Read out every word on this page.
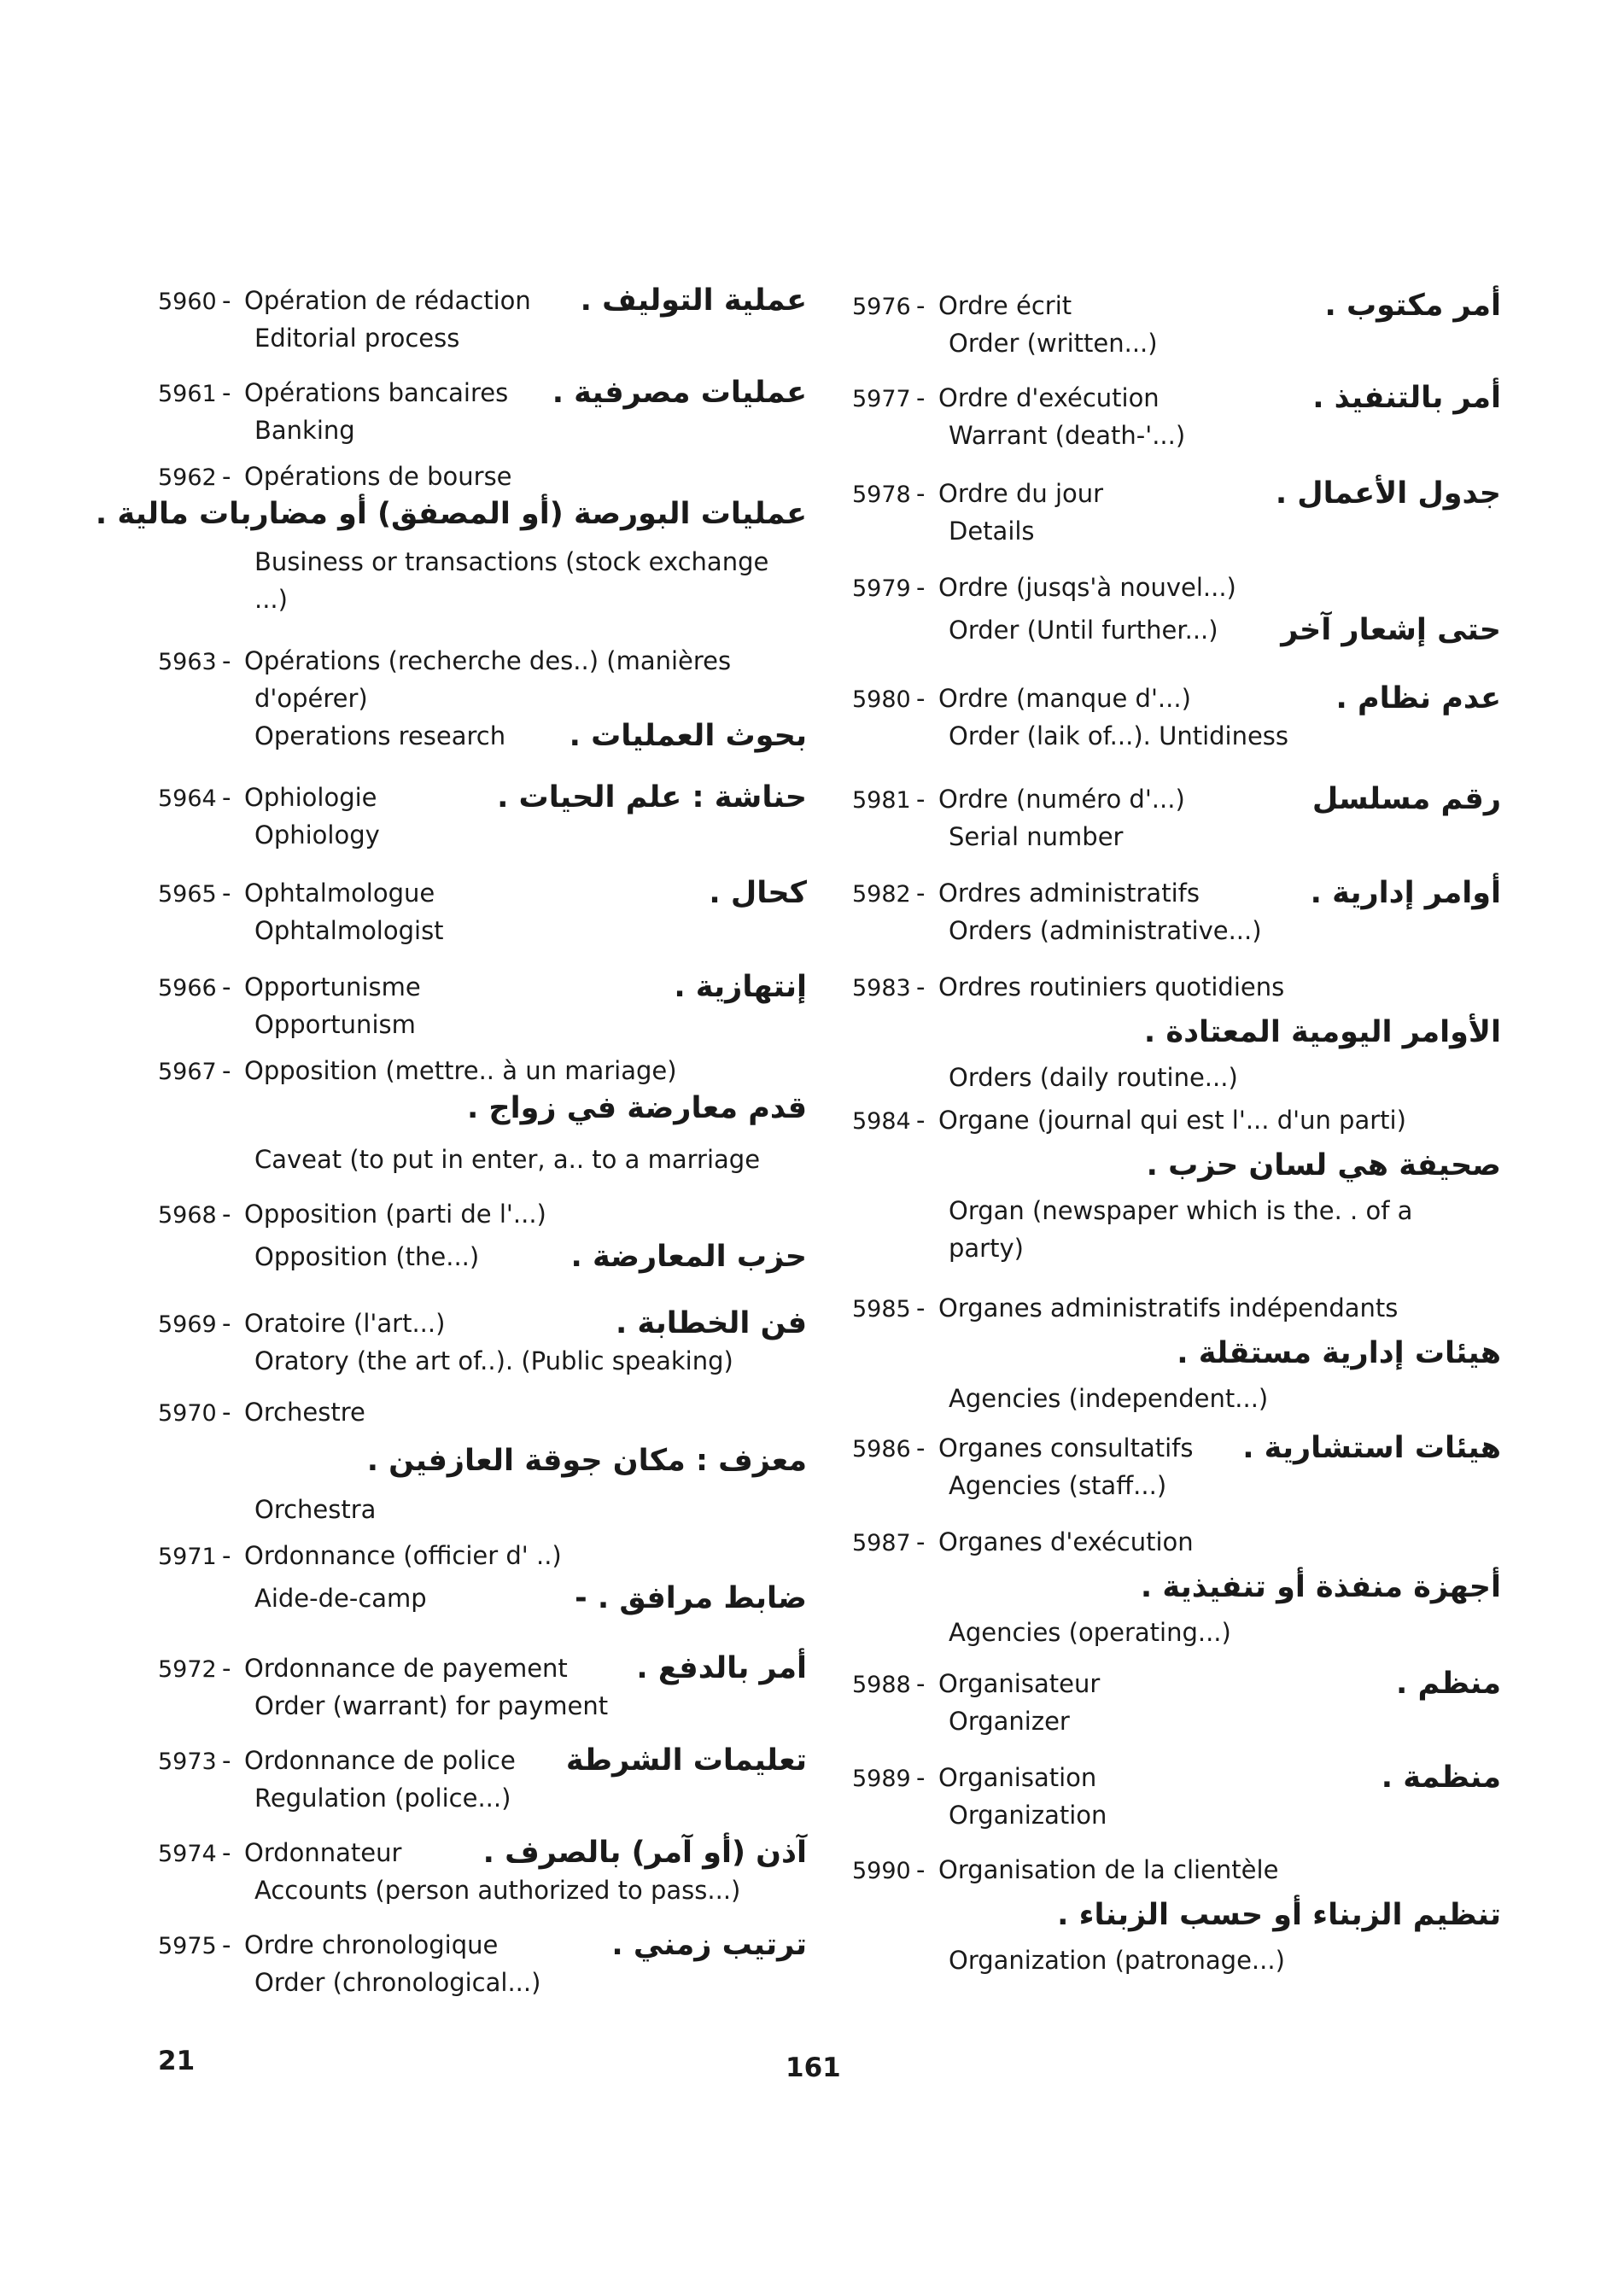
5960 - Opération de rédaction عملية التوليف .
Editorial process
5961 - Opérations bancaires عمليات مصرفية .
Banking
5962 - Opérations de bourse
عمليات البورصة (أو المصفق) أو مضاربات مالية .
Business or transactions (stock exchange
...)
5963 - Opérations (recherche des..) (manières
d'opérer)
Operations research بحوث العمليات .
5964 - Ophiologie	حناشة : علم الحيات .
Ophiology
5965 - Ophtalmologue	كحال .
Ophtalmologist
5966 - Opportunisme	إنتهازية .
Opportunism
5967 - Opposition (mettre.. à un mariage)
قدم معارضة في زواج .
Caveat (to put in enter, a.. to a marriage
5968 - Opposition (parti de l'...)
Opposition (the...)	حزب المعارضة .
5969 - Oratoire (l'art...)	فن الخطابة .
Oratory (the art of..). (Public speaking)
5970 - Orchestre
معزف : مكان جوقة العازفين .
Orchestra
5971 - Ordonnance (officier d' ..)
Aide-de-camp	ضابط مرافق . -
5972 - Ordonnance de payement أمر بالدفع .
Order (warrant) for payment
5973 - Ordonnance de police تعليمات الشرطة
Regulation (police...)
5974 - Ordonnateur	آذن (أو آمر) بالصرف .
Accounts (person authorized to pass...)
5975 - Ordre chronologique	ترتيب زمني .
Order (chronological...)
5976 - Ordre écrit	أمر مكتوب .
Order (written...)
5977 - Ordre d'exécution	أمر بالتنفيذ .
Warrant (death-'...)
5978 - Ordre du jour	جدول الأعمال .
Details
5979 - Ordre (jusqs'à nouvel...)
Order (Until further...) حتى إشعار آخر
5980 - Ordre (manque d'...)	عدم نظام .
Order (laik of...). Untidiness
5981 - Ordre (numéro d'...)	رقم مسلسل
Serial number
5982 - Ordres administratifs	أوامر إدارية .
Orders (administrative...)
5983 - Ordres routiniers quotidiens
الأوامر اليومية المعتادة .
Orders (daily routine...)
5984 - Organe (journal qui est l'... d'un parti)
صحيفة هي لسان حزب .
Organ (newspaper which is the. . of a
party)
5985 - Organes administratifs indépendants
هيئات إدارية مستقلة .
Agencies (independent...)
5986 - Organes consultatifs هيئات استشارية .
Agencies (staff...)
5987 - Organes d'exécution
أجهزة منفذة أو تنفيذية .
Agencies (operating...)
5988 - Organisateur	منظم .
Organizer
5989 - Organisation	منظمة .
Organization
5990 - Organisation de la clientèle
تنظيم الزبناء أو حسب الزبناء .
Organization (patronage...)
21	161
